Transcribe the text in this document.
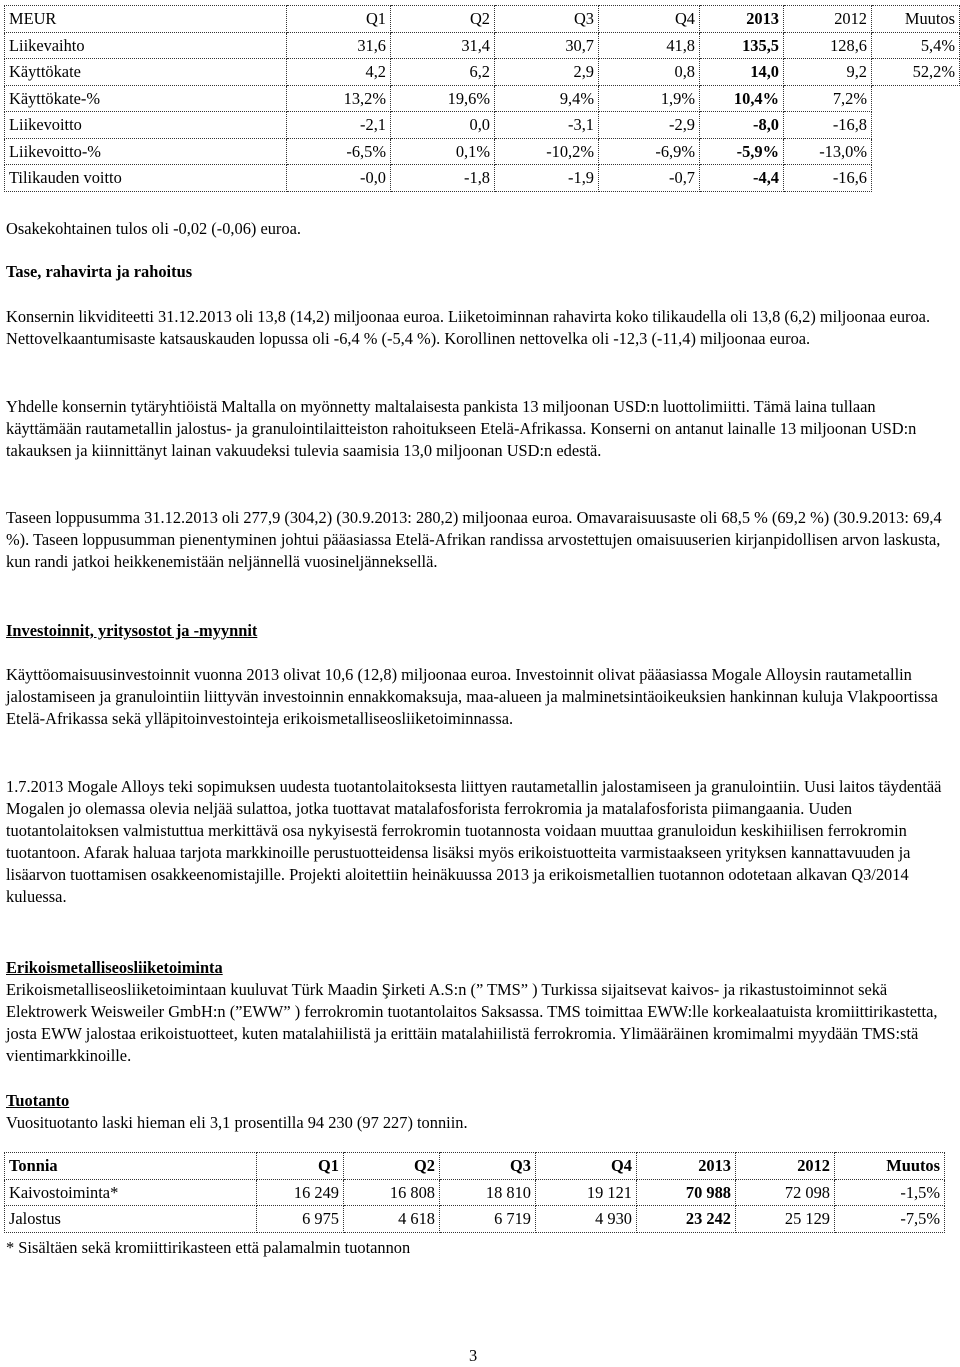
MEUR	Q1	Q2	Q3	Q4	2013	2012	Muutos
Liikevaihto	31,6	31,4	30,7	41,8	135,5	128,6	5,4%
Käyttökate	4,2	6,2	2,9	0,8	14,0	9,2	52,2%
Käyttökate-%	13,2%	19,6%	9,4%	1,9%	10,4%	7,2%	
Liikevoitto	-2,1	0,0	-3,1	-2,9	-8,0	-16,8	
Liikevoitto-%	-6,5%	0,1%	-10,2%	-6,9%	-5,9%	-13,0%	
Tilikauden voitto	-0,0	-1,8	-1,9	-0,7	-4,4	-16,6	

Osakekohtainen tulos oli -0,02 (-0,06) euroa.

Tase, rahavirta ja rahoitus

Konsernin likviditeetti 31.12.2013 oli 13,8 (14,2) miljoonaa euroa. Liiketoiminnan rahavirta koko tilikaudella oli 13,8 (6,2) miljoonaa euroa. Nettovelkaantumisaste katsauskauden lopussa oli -6,4 % (-5,4 %). Korollinen nettovelka oli -12,3 (-11,4) miljoonaa euroa.

Yhdelle konsernin tytäryhtiöistä Maltalla on myönnetty maltalaisesta pankista 13 miljoonan USD:n luottolimiitti. Tämä laina tullaan käyttämään rautametallin jalostus- ja granulointilaitteiston rahoitukseen Etelä-Afrikassa. Konserni on antanut lainalle 13 miljoonan USD:n takauksen ja kiinnittänyt lainan vakuudeksi tulevia saamisia 13,0 miljoonan USD:n edestä.

Taseen loppusumma 31.12.2013 oli 277,9 (304,2) (30.9.2013: 280,2) miljoonaa euroa. Omavaraisuusaste oli 68,5 % (69,2 %) (30.9.2013: 69,4 %). Taseen loppusumman pienentyminen johtui pääasiassa Etelä-Afrikan randissa arvostettujen omaisuuserien kirjanpidollisen arvon laskusta, kun randi jatkoi heikkenemistään neljännellä vuosineljänneksellä.

Investoinnit, yritysostot ja -myynnit

Käyttöomaisuusinvestoinnit vuonna 2013 olivat 10,6 (12,8) miljoonaa euroa. Investoinnit olivat pääasiassa Mogale Alloysin rautametallin jalostamiseen ja granulointiin liittyvän investoinnin ennakkomaksuja, maa-alueen ja malminetsintäoikeuksien hankinnan kuluja Vlakpoortissa Etelä-Afrikassa sekä ylläpitoinvestointeja erikoismetalliseosliiketoiminnassa.

1.7.2013 Mogale Alloys teki sopimuksen uudesta tuotantolaitoksesta liittyen rautametallin jalostamiseen ja granulointiin. Uusi laitos täydentää Mogalen jo olemassa olevia neljää sulattoa, jotka tuottavat matalafosforista ferrokromia ja matalafosforista piimangaania. Uuden tuotantolaitoksen valmistuttua merkittävä osa nykyisestä ferrokromin tuotannosta voidaan muuttaa granuloidun keskihiilisen ferrokromin tuotantoon. Afarak haluaa tarjota markkinoille perustuotteidensa lisäksi myös erikoistuotteita varmistaakseen yrityksen kannattavuuden ja lisäarvon tuottamisen osakkeenomistajille. Projekti aloitettiin heinäkuussa 2013 ja erikoismetallien tuotannon odotetaan alkavan Q3/2014 kuluessa.

Erikoismetalliseosliiketoiminta

Erikoismetalliseosliiketoimintaan kuuluvat Türk Maadin Şirketi A.S:n (” TMS” ) Turkissa sijaitsevat kaivos- ja rikastustoiminnot sekä Elektrowerk Weisweiler GmbH:n (”EWW” ) ferrokromin tuotantolaitos Saksassa. TMS toimittaa EWW:lle korkealaatuista kromiittirikastetta, josta EWW jalostaa erikoistuotteet, kuten matalahiilistä ja erittäin matalahiilistä ferrokromia. Ylimääräinen kromimalmi myydään TMS:stä vientimarkkinoille.

Tuotanto

Vuosituotanto laski hieman eli 3,1 prosentilla 94 230 (97 227) tonniin.

Tonnia	Q1	Q2	Q3	Q4	2013	2012	Muutos
Kaivostoiminta*	16 249	16 808	18 810	19 121	70 988	72 098	-1,5%
Jalostus	6 975	4 618	6 719	4 930	23 242	25 129	-7,5%

* Sisältäen sekä kromiittirikasteen että palamalmin tuotannon

3
